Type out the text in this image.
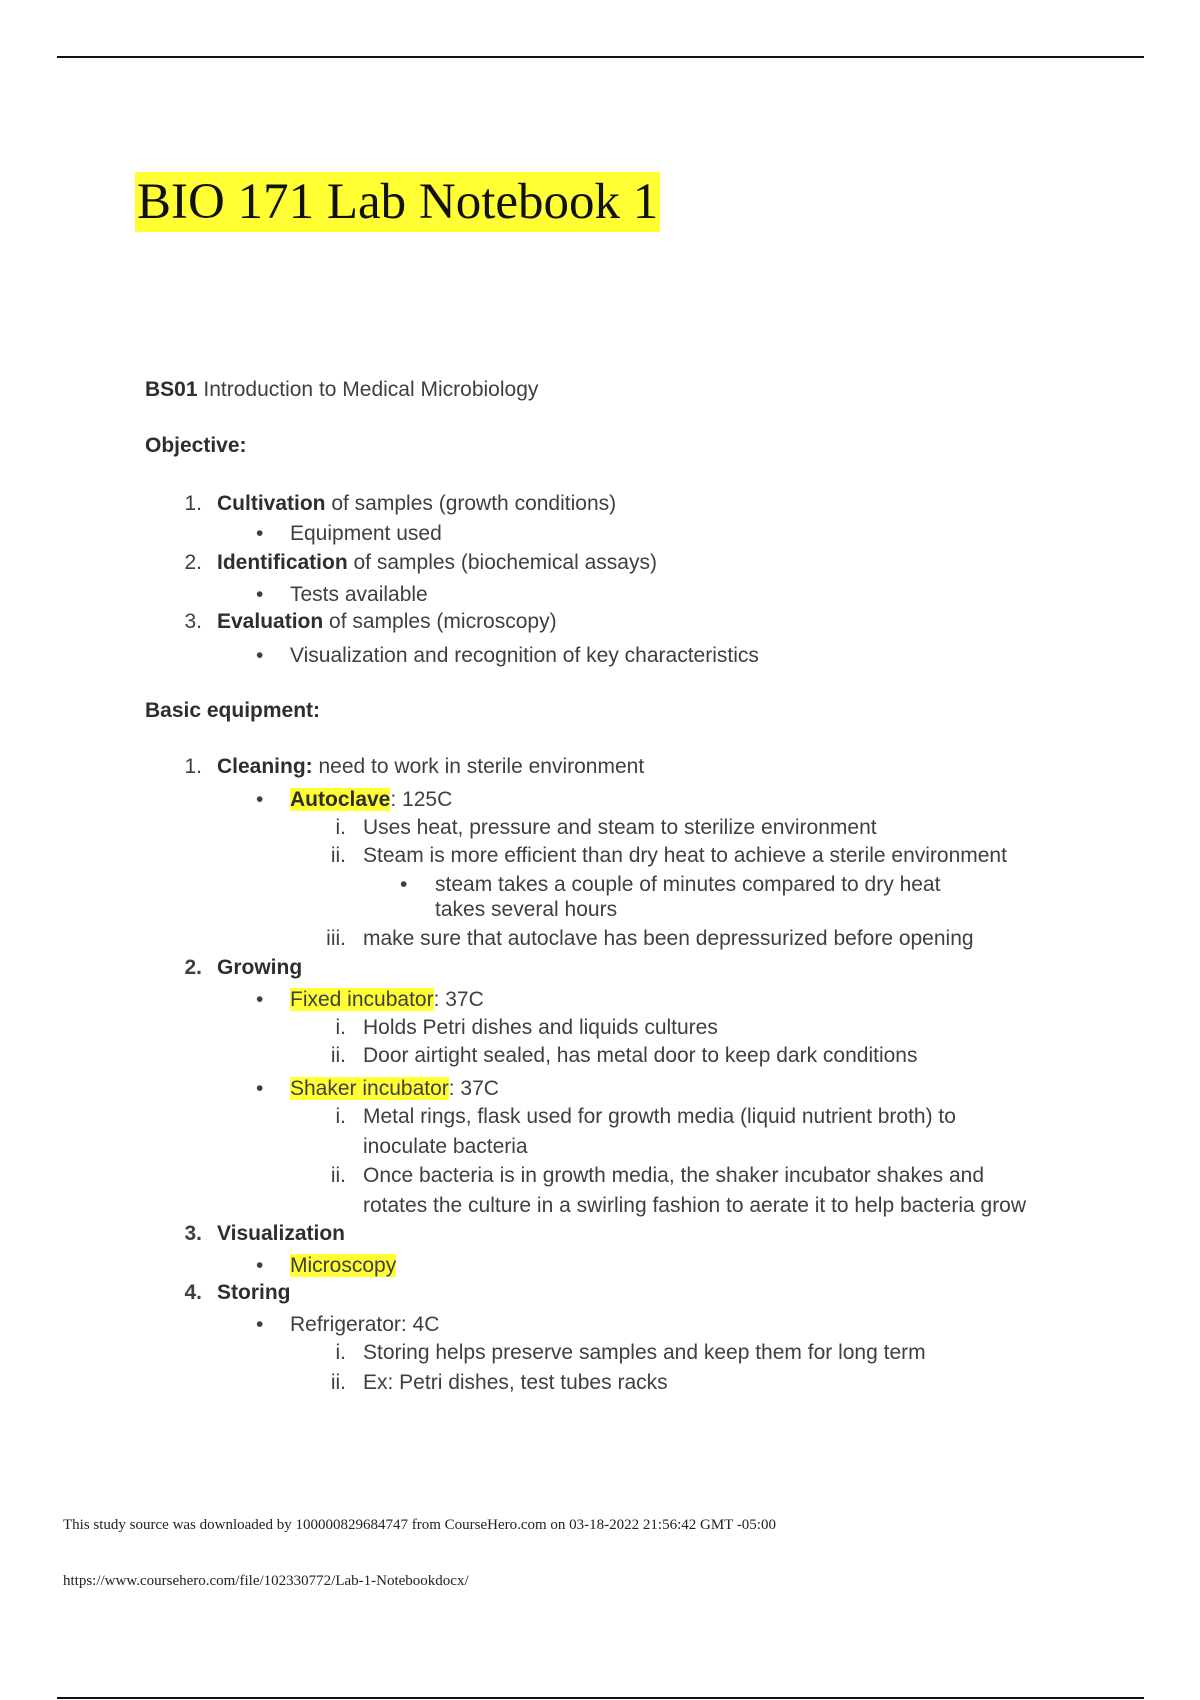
BIO 171 Lab Notebook 1
BS01 Introduction to Medical Microbiology
Objective:
1. Cultivation of samples (growth conditions)
• Equipment used
2. Identification of samples (biochemical assays)
• Tests available
3. Evaluation of samples (microscopy)
• Visualization and recognition of key characteristics
Basic equipment:
1. Cleaning: need to work in sterile environment
• Autoclave: 125C
i. Uses heat, pressure and steam to sterilize environment
ii. Steam is more efficient than dry heat to achieve a sterile environment
• steam takes a couple of minutes compared to dry heat
takes several hours
iii. make sure that autoclave has been depressurized before opening
2. Growing
• Fixed incubator: 37C
i. Holds Petri dishes and liquids cultures
ii. Door airtight sealed, has metal door to keep dark conditions
• Shaker incubator: 37C
i. Metal rings, flask used for growth media (liquid nutrient broth) to
inoculate bacteria
ii. Once bacteria is in growth media, the shaker incubator shakes and
rotates the culture in a swirling fashion to aerate it to help bacteria grow
3. Visualization
• Microscopy
4. Storing
• Refrigerator: 4C
i. Storing helps preserve samples and keep them for long term
ii. Ex: Petri dishes, test tubes racks
This study source was downloaded by 100000829684747 from CourseHero.com on 03-18-2022 21:56:42 GMT -05:00
https://www.coursehero.com/file/102330772/Lab-1-Notebookdocx/
